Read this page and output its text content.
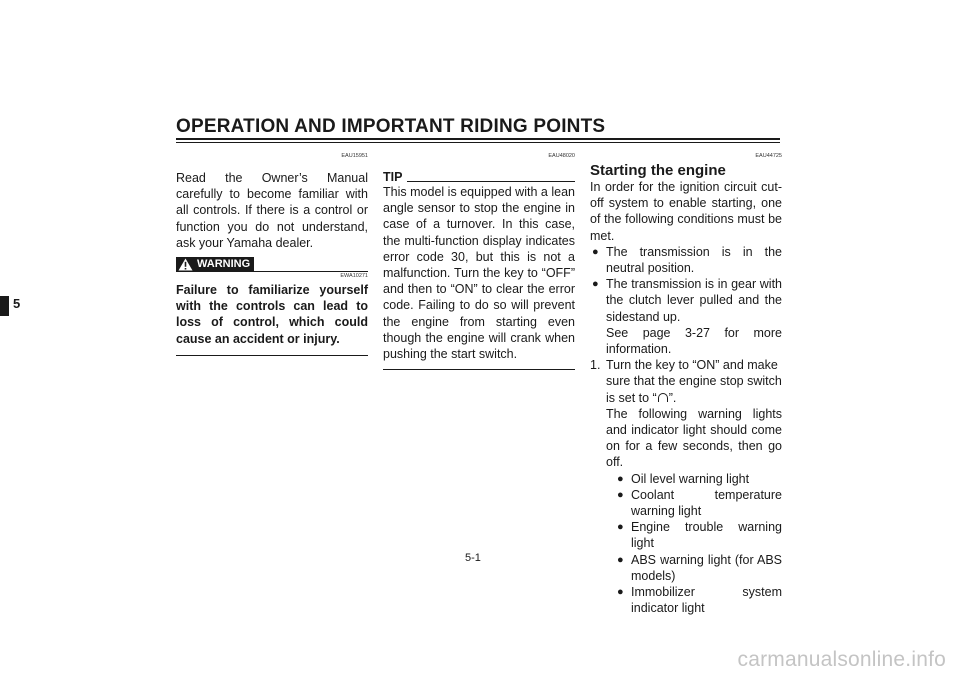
OPERATION AND IMPORTANT RIDING POINTS
5
EAU15951

Read the Owner’s Manual carefully to become familiar with all controls. If there is a control or function you do not understand, ask your Yamaha dealer.

WARNING
EWA10271

Failure to familiarize yourself with the controls can lead to loss of control, which could cause an accident or injury.

EAU48020
TIP

This model is equipped with a lean angle sensor to stop the engine in case of a turnover. In this case, the multi-function display indicates error code 30, but this is not a malfunction. Turn the key to “OFF” and then to “ON” to clear the error code. Failing to do so will prevent the engine from starting even though the engine will crank when pushing the start switch.

EAU44725
Starting the engine

In order for the ignition circuit cut-off system to enable starting, one of the following conditions must be met.

● The transmission is in the neutral position.
● The transmission is in gear with the clutch lever pulled and the sidestand up.
See page 3-27 for more information.
1. Turn the key to “ON” and make sure that the engine stop switch is set to “ ”.

The following warning lights and indicator light should come on for a few seconds, then go off.
● Oil level warning light
● Coolant temperature warning light
● Engine trouble warning light
● ABS warning light (for ABS models)
● Immobilizer system indicator light
5-1
carmanualsonline.info
